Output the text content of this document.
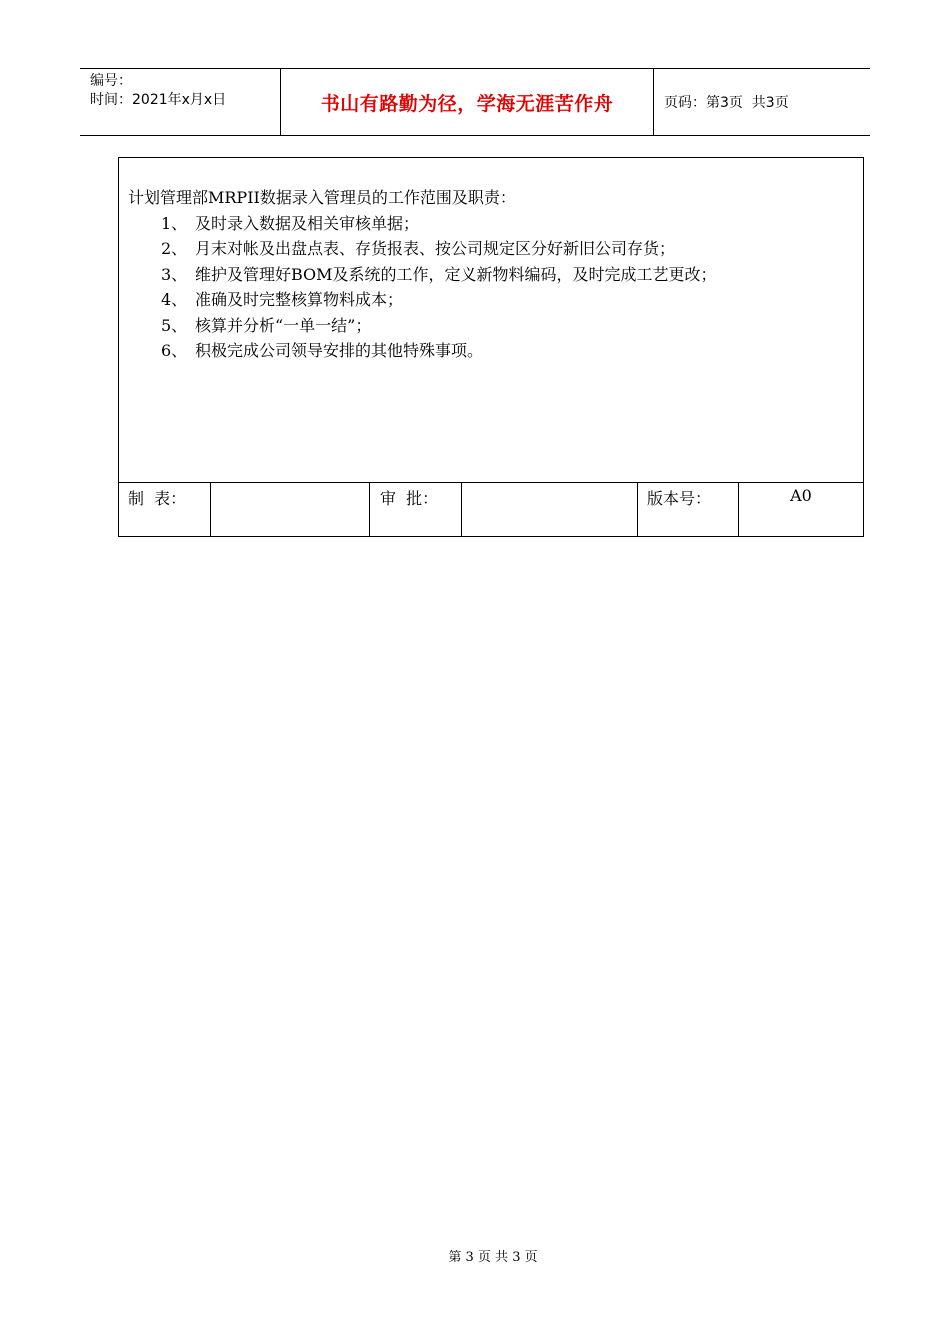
编号：
时间：2021年x月x日	书山有路勤为径，学海无涯苦作舟	页码：第3页  共3页
计划管理部MRPII数据录入管理员的工作范围及职责：
1、 及时录入数据及相关审核单据；
2、 月末对帐及出盘点表、存货报表、按公司规定区分好新旧公司存货；
3、 维护及管理好BOM及系统的工作，定义新物料编码，及时完成工艺更改；
4、 准确及时完整核算物料成本；
5、 核算并分析“一单一结”；
6、 积极完成公司领导安排的其他特殊事项。
制  表：	审  批：	版本号：	A0
第 3 页 共 3 页
